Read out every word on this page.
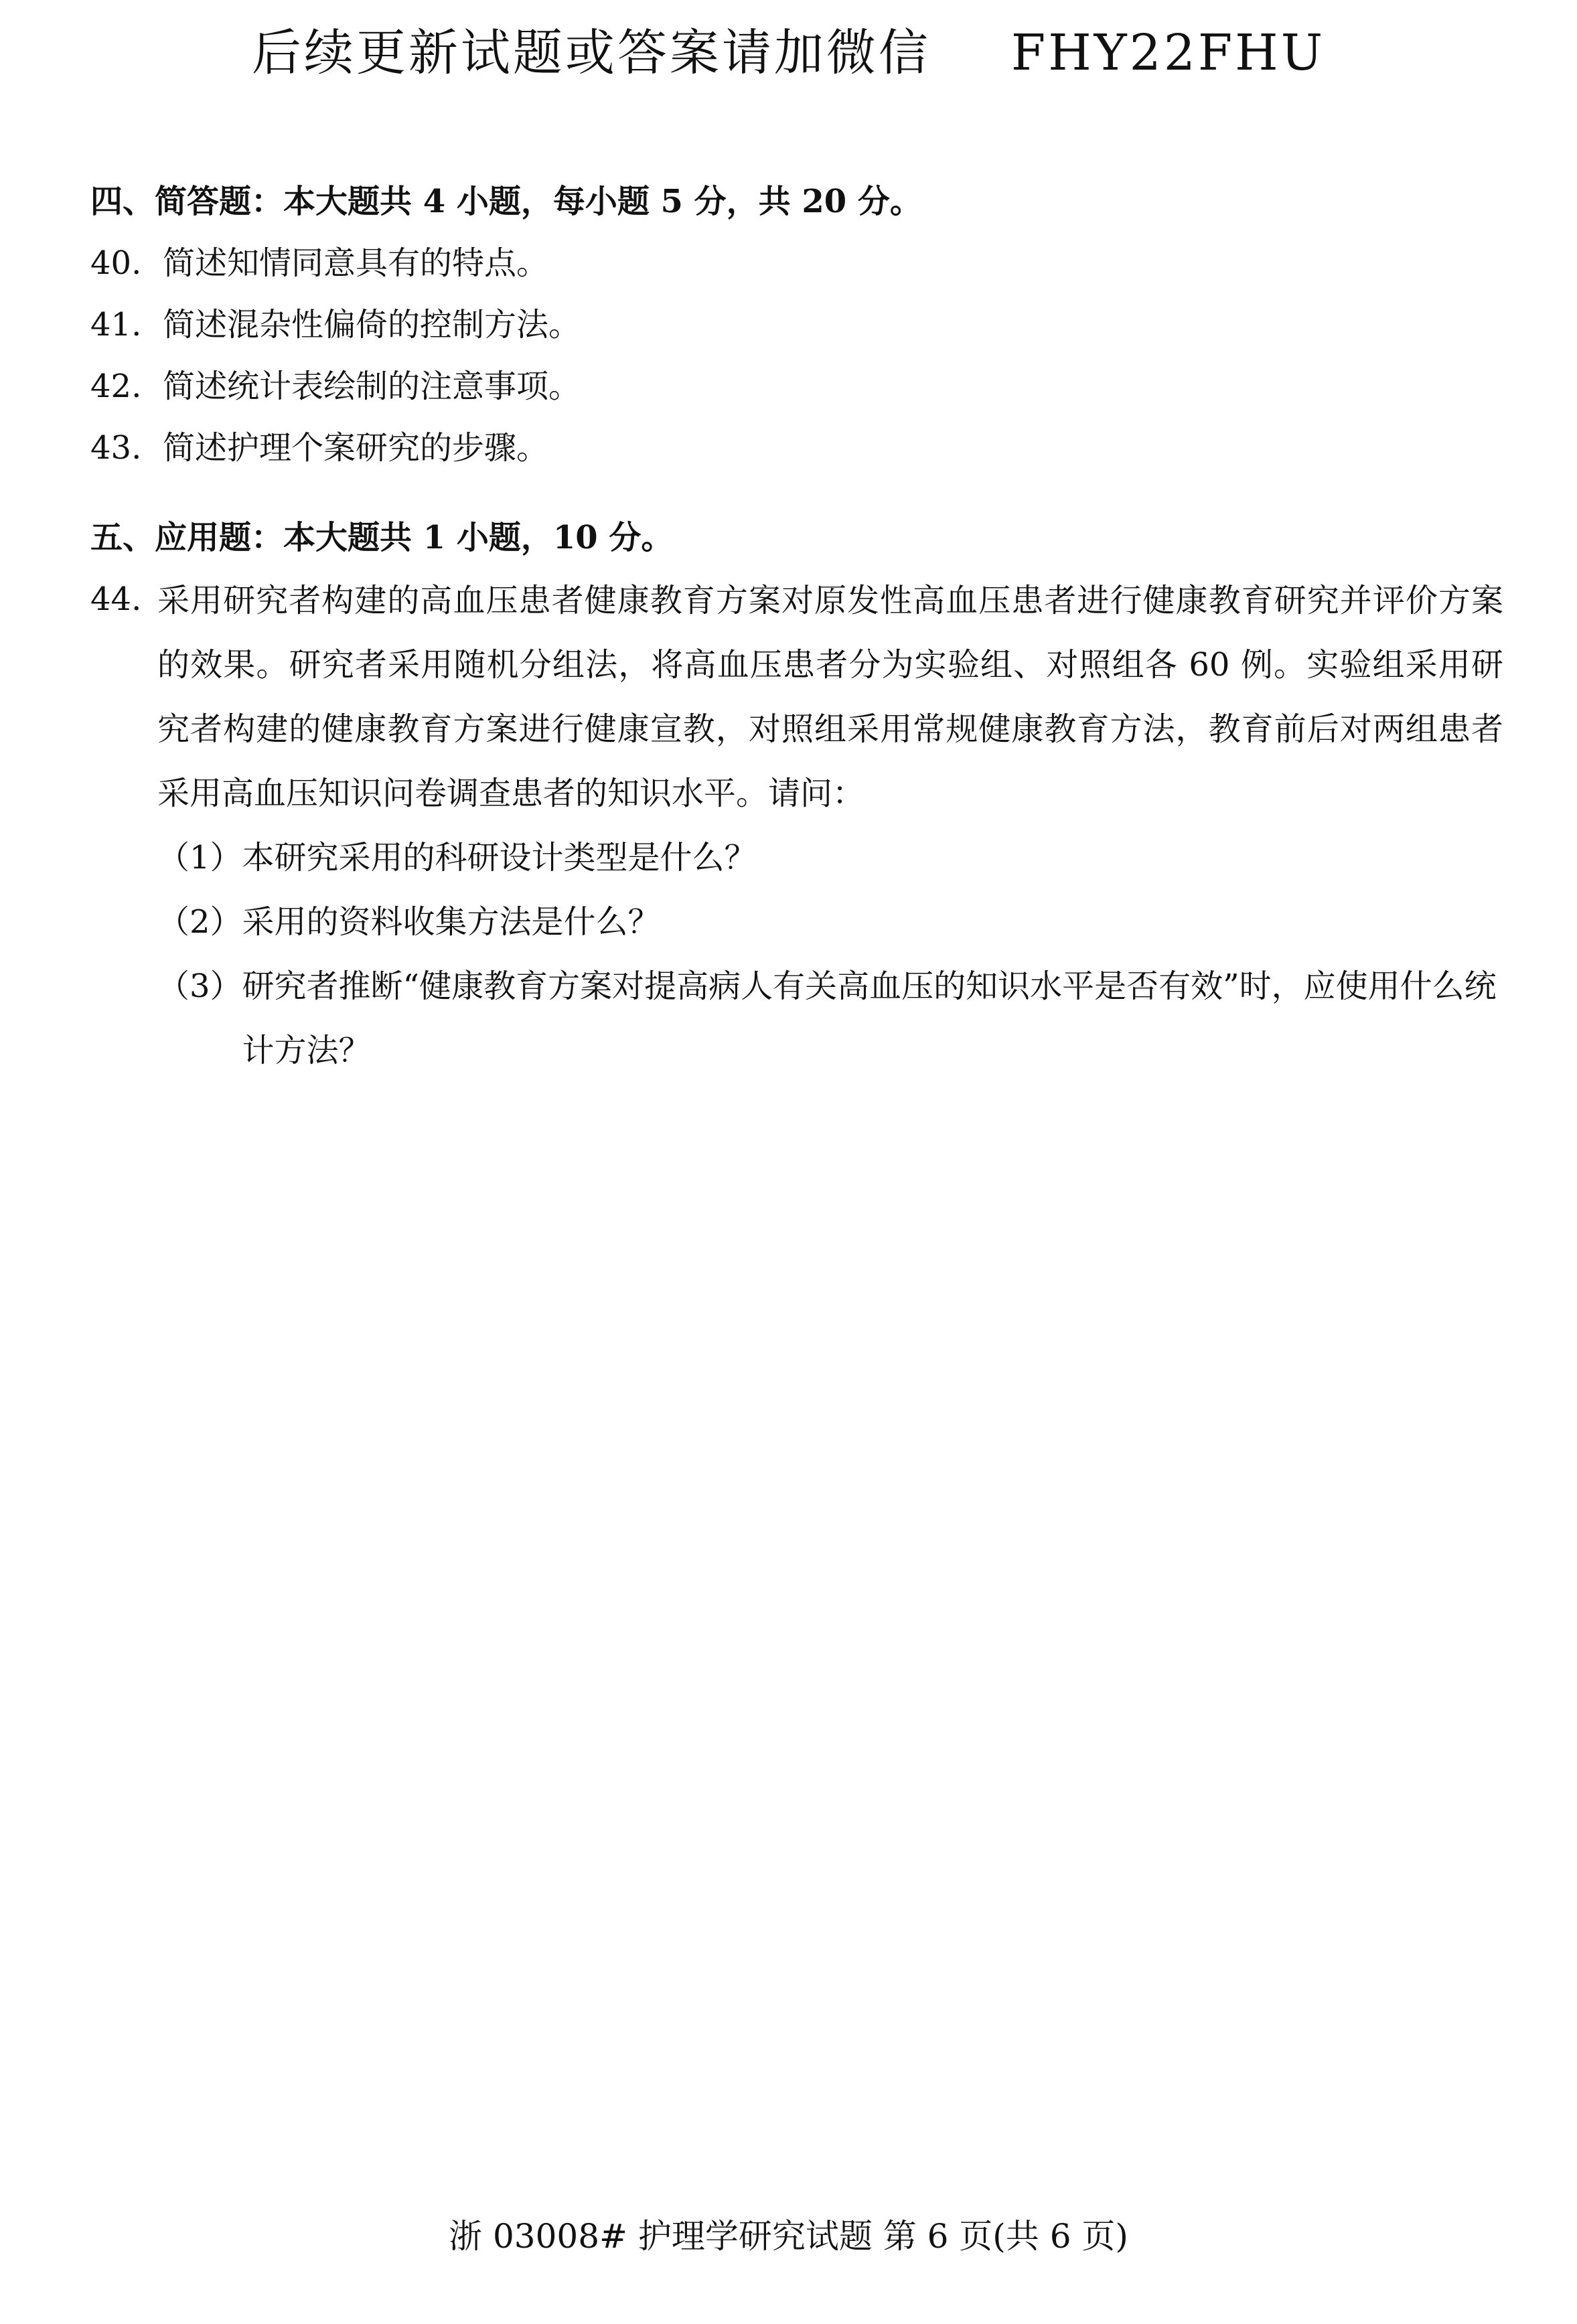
后续更新试题或答案请加微信 FHY22FHU
四、简答题：本大题共 4 小题，每小题 5 分，共 20 分。
40. 简述知情同意具有的特点。
41. 简述混杂性偏倚的控制方法。
42. 简述统计表绘制的注意事项。
43. 简述护理个案研究的步骤。
五、应用题：本大题共 1 小题，10 分。
44. 采用研究者构建的高血压患者健康教育方案对原发性高血压患者进行健康教育研究并评价方案的效果。研究者采用随机分组法，将高血压患者分为实验组、对照组各 60 例。实验组采用研究者构建的健康教育方案进行健康宣教，对照组采用常规健康教育方法，教育前后对两组患者采用高血压知识问卷调查患者的知识水平。请问：
（1） 本研究采用的科研设计类型是什么？
（2） 采用的资料收集方法是什么？
（3） 研究者推断“健康教育方案对提高病人有关高血压的知识水平是否有效”时，应使用什么统计方法？
浙 03008# 护理学研究试题 第 6 页(共 6 页)
